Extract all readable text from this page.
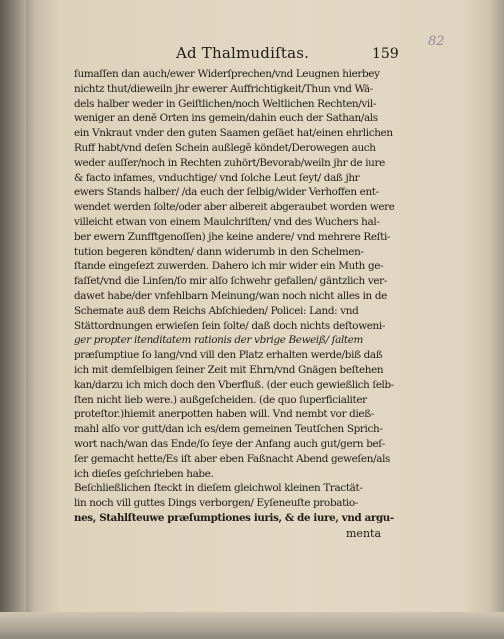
82
Ad Thalmudiſtas.	159
ſumaſſen dan auch/ewer Widerſprechen/vnd Leugnen hierbey
nichtz thut/dieweiln jhr ewerer Auffrichtigkeit/Thun vnd Wä-
dels halber weder in Geiſtlichen/noch Weltlichen Rechten/vil-
weniger an denē Orten ins gemein/dahin euch der Sathan/als
ein Vnkraut vnder den guten Saamen geſäet hat/einen ehrlichen
Ruff habt/vnd deſen Schein außlegē köndet/Derowegen auch
weder auſſer/noch in Rechten zuhört/Bevorab/weiln jhr de iure
& facto infames, vnduchtige/ vnd ſolche Leut ſeyt/ daß jhr
ewers Stands halber/ /da euch der ſelbig/wider Verhoffen ent-
wendet werden ſolte/oder aber albereit abgeraubet worden were
villeicht etwan von einem Maulchriſten/ vnd des Wuchers hal-
ber ewern Zunfftgenoſſen) jhe keine andere/ vnd mehrere Reſti-
tution begeren köndten/ dann widerumb in den Schelmen-
ſtande eingeſezt zuwerden. Dahero ich mir wider ein Muth ge-
faſſet/vnd die Linſen/ſo mir alſo ſchwehr gefallen/ gäntzlich ver-
dawet habe/der vnfehlbarn Meinung/wan noch nicht alles in de
Schemate auß dem Reichs Abſchieden/ Policei: Land: vnd
Stättordnungen erwieſen ſein ſolte/ daß doch nichts deſtoweni-
ger propter itenditatem rationis der vbrige Beweiß/ ſaltem
præſumptiue ſo lang/vnd vill den Platz erhalten werde/biß daß
ich mit demſelbigen ſeiner Zeit mit Ehrn/vnd Gnägen beſtehen
kan/darzu ich mich doch den Vberfluß. (der euch gewießlich ſelb-
ſten nicht lieb were.) außgeſcheiden. (de quo ſuperficialiter
proteſtor.)hiemit anerpotten haben will. Vnd nembt vor dieß-
mahl alſo vor gutt/dan ich es/dem gemeinen Teutſchen Sprich-
wort nach/wan das Ende/ſo ſeye der Anfang auch gut/gern beſ-
ſer gemacht hette/Es iſt aber eben Faßnacht Abend geweſen/als
ich dieſes geſchrieben habe.
Beſchließlichen ſteckt in dieſem gleichwol kleinen Tractät-
lin noch vill guttes Dings verborgen/ Eyſeneuſte probatio-
nes, Stahlſteuwe præſumptiones iuris, & de iure, vnd argu-
menta
